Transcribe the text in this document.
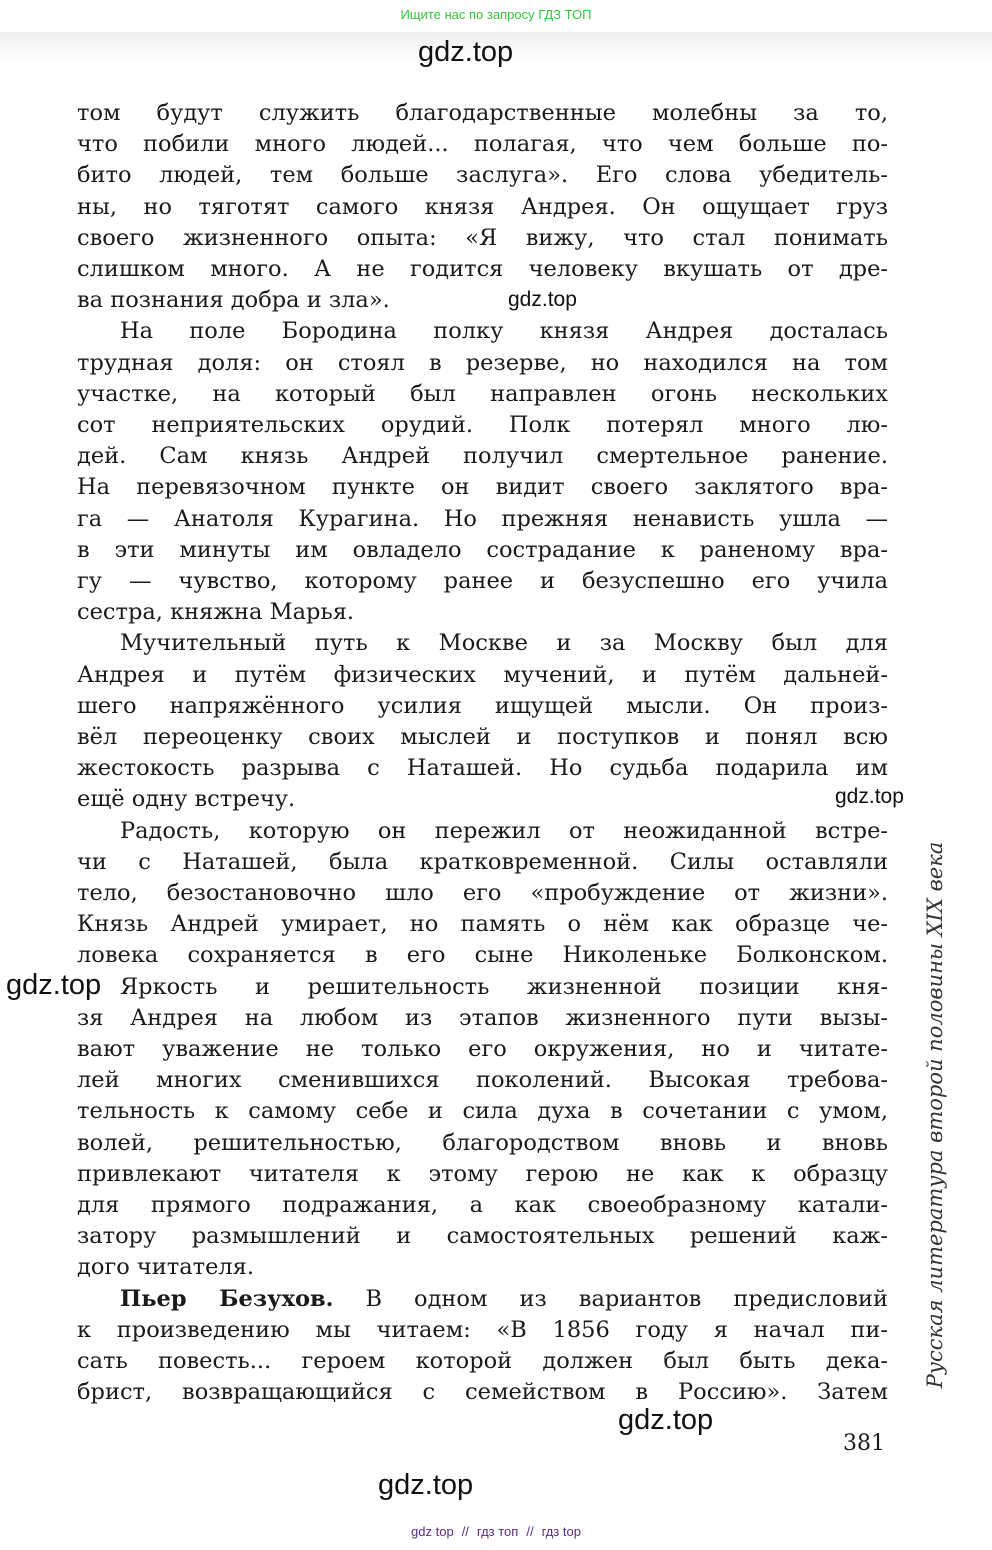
Ищите нас по запросу ГДЗ ТОП
том будут служить благодарственные молебны за то,
что побили много людей... полагая, что чем больше по-
бито людей, тем больше заслуга». Его слова убедитель-
ны, но тяготят самого князя Андрея. Он ощущает груз
своего жизненного опыта: «Я вижу, что стал понимать
слишком много. А не годится человеку вкушать от дре-
ва познания добра и зла».
На поле Бородина полку князя Андрея досталась
трудная доля: он стоял в резерве, но находился на том
участке, на который был направлен огонь нескольких
сот неприятельских орудий. Полк потерял много лю-
дей. Сам князь Андрей получил смертельное ранение.
На перевязочном пункте он видит своего заклятого вра-
га — Анатоля Курагина. Но прежняя ненависть ушла —
в эти минуты им овладело сострадание к раненому вра-
гу — чувство, которому ранее и безуспешно его учила
сестра, княжна Марья.
Мучительный путь к Москве и за Москву был для
Андрея и путём физических мучений, и путём дальней-
шего напряжённого усилия ищущей мысли. Он произ-
вёл переоценку своих мыслей и поступков и понял всю
жестокость разрыва с Наташей. Но судьба подарила им
ещё одну встречу.
Радость, которую он пережил от неожиданной встре-
чи с Наташей, была кратковременной. Силы оставляли
тело, безостановочно шло его «пробуждение от жизни».
Князь Андрей умирает, но память о нём как образце че-
ловека сохраняется в его сыне Николеньке Болконском.
Яркость и решительность жизненной позиции кня-
зя Андрея на любом из этапов жизненного пути вызы-
вают уважение не только его окружения, но и читате-
лей многих сменившихся поколений. Высокая требова-
тельность к самому себе и сила духа в сочетании с умом,
волей, решительностью, благородством вновь и вновь
привлекают читателя к этому герою не как к образцу
для прямого подражания, а как своеобразному катали-
затору размышлений и самостоятельных решений каж-
дого читателя.
Пьер Безухов. В одном из вариантов предисловий
к произведению мы читаем: «В 1856 году я начал пи-
сать повесть... героем которой должен был быть дека-
брист, возвращающийся с семейством в Россию». Затем
gdz.top
gdz.top
gdz.top
gdz.top
gdz.top
gdz.top
381
Русская литература второй половины XIX века
gdz top // гдз топ // гдз top
